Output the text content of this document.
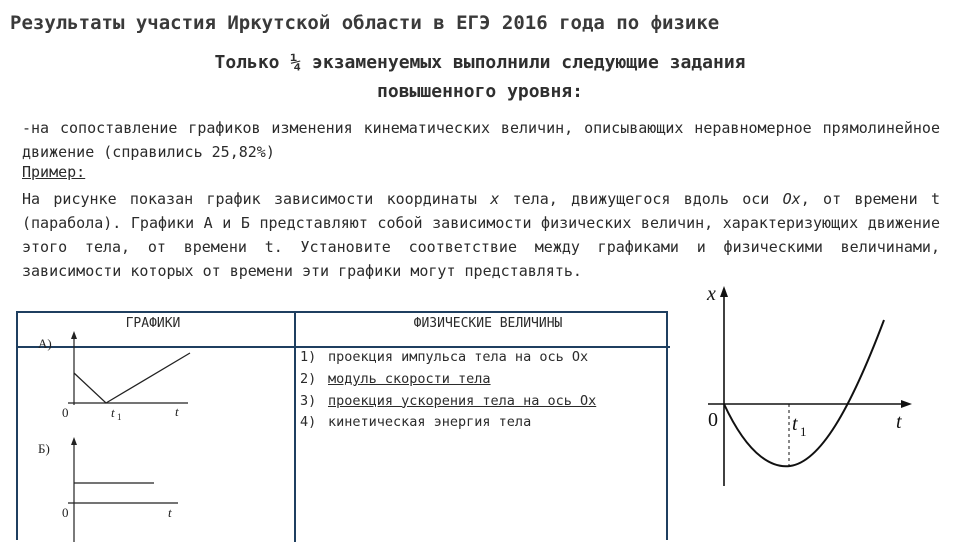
Результаты участия Иркутской области в ЕГЭ 2016 года по физике
Только ¼ экзаменуемых выполнили следующие задания
повышенного уровня:
-на сопоставление графиков изменения кинематических величин, описывающих неравномерное прямолинейное движение (справились 25,82%)
Пример:
На рисунке показан график зависимости координаты x тела, движущегося вдоль оси Ox, от времени t (парабола). Графики А и Б представляют собой зависимости физических величин, характеризующих движение этого тела, от времени t. Установите соответствие между графиками и физическими величинами, зависимости которых от времени эти графики могут представлять.
ГРАФИКИ	ФИЗИЧЕСКИЕ ВЕЛИЧИНЫ
А)
0	t 1	t
Б)
0	t
1) проекция импульса тела на ось Ox
2) модуль скорости тела
3) проекция ускорения тела на ось Ox
4) кинетическая энергия тела
x
0	t 1	t
